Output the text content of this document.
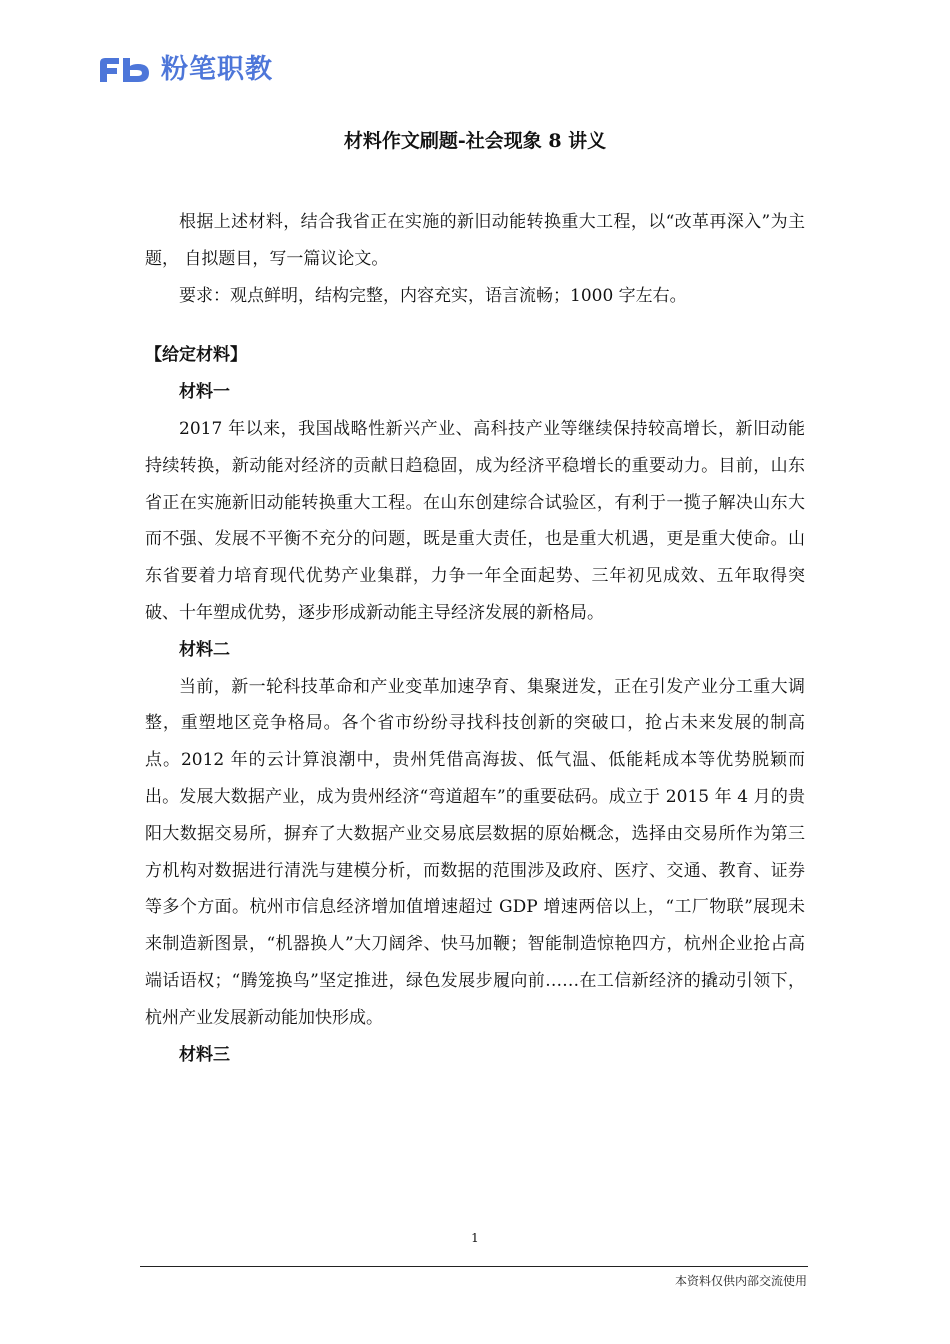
粉笔职教
材料作文刷题-社会现象 8 讲义

根据上述材料，结合我省正在实施的新旧动能转换重大工程，以“改革再深入”为主题， 自拟题目，写一篇议论文。

要求：观点鲜明，结构完整，内容充实，语言流畅；1000 字左右。

【给定材料】

材料一

2017 年以来，我国战略性新兴产业、高科技产业等继续保持较高增长，新旧动能持续转换，新动能对经济的贡献日趋稳固，成为经济平稳增长的重要动力。目前，山东省正在实施新旧动能转换重大工程。在山东创建综合试验区，有利于一揽子解决山东大而不强、发展不平衡不充分的问题，既是重大责任，也是重大机遇，更是重大使命。山东省要着力培育现代优势产业集群，力争一年全面起势、三年初见成效、五年取得突破、十年塑成优势，逐步形成新动能主导经济发展的新格局。

材料二

当前，新一轮科技革命和产业变革加速孕育、集聚迸发，正在引发产业分工重大调整，重塑地区竞争格局。各个省市纷纷寻找科技创新的突破口，抢占未来发展的制高点。2012 年的云计算浪潮中，贵州凭借高海拔、低气温、低能耗成本等优势脱颖而出。发展大数据产业，成为贵州经济“弯道超车”的重要砝码。成立于 2015 年 4 月的贵阳大数据交易所，摒弃了大数据产业交易底层数据的原始概念，选择由交易所作为第三方机构对数据进行清洗与建模分析，而数据的范围涉及政府、医疗、交通、教育、证券等多个方面。杭州市信息经济增加值增速超过 GDP 增速两倍以上，“工厂物联”展现未来制造新图景，“机器换人”大刀阔斧、快马加鞭；智能制造惊艳四方，杭州企业抢占高端话语权；“腾笼换鸟”坚定推进，绿色发展步履向前……在工信新经济的撬动引领下，杭州产业发展新动能加快形成。

材料三

1
本资料仅供内部交流使用
